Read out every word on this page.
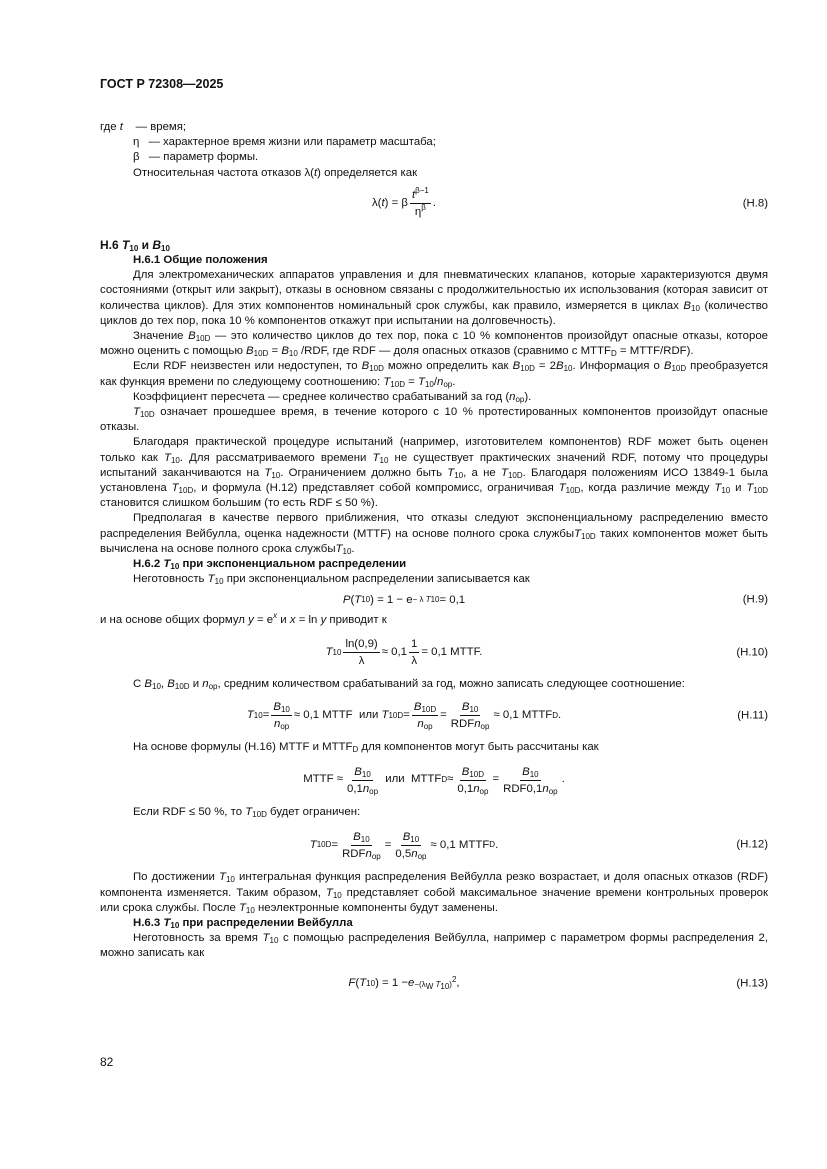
ГОСТ Р 72308—2025
где t — время;
η — характерное время жизни или параметр масштаба;
β — параметр формы.

Относительная частота отказов λ(t) определяется как

λ( t ) = β $\frac{t^{\beta-1}}{\eta^\beta}$ .	(H.8)
H.6 $T_{10}$ и $B_{10}$
H.6.1 Общие положения

Для электромеханических аппаратов управления и для пневматических клапанов, которые характеризуются двумя состояниями (открыт или закрыт), отказы в основном связаны с продолжительностью их использования (которая зависит от количества циклов). Для этих компонентов номинальный срок службы, как правило, измеряется в циклах $B_{10}$ (количество циклов до тех пор, пока 10 % компонентов откажут при испытании на долговечность).

Значение $B_{10D}$ — это количество циклов до тех пор, пока с 10 % компонентов произойдут опасные отказы, которое можно оценить с помощью $B_{10D} = B_{10}$ /RDF, где RDF — доля опасных отказов (сравнимо с $MTTF_D$ = MTTF/RDF).

Если RDF неизвестен или недоступен, то $B_{10D}$ можно определить как $B_{10D} = 2B_{10}$. Информация о $B_{10D}$ преобразуется как функция времени по следующему соотношению: $T_{10D} = T_{10}/n_{ор}$.

Коэффициент пересчета — среднее количество срабатываний за год $(n_{ор})$.

$T_{10D}$ означает прошедшее время, в течение которого с 10 % протестированных компонентов произойдут опасные отказы.

Благодаря практической процедуре испытаний (например, изготовителем компонентов) RDF может быть оценен только как $T_{10}$. Для рассматриваемого времени $T_{10}$ не существует практических значений RDF, потому что процедуры испытаний заканчиваются на $T_{10}$. Ограничением должно быть $T_{10}$, а не $T_{10D}$. Благодаря положениям ИСО 13849-1 была установлена $T_{10D}$, и формула (H.12) представляет собой компромисс, ограничивая $T_{10D}$, когда различие между $T_{10}$ и $T_{10D}$ становится слишком большим (то есть RDF ≤ 50 %).

Предполагая в качестве первого приближения, что отказы следуют экспоненциальному распределению вместо распределения Вейбулла, оценка надежности (MTTF) на основе полного срока службыT$_{10D}$ таких компонентов может быть вычислена на основе полного срока службыT$_{10}$.

H.6.2 $T_{10}$ при экспоненциальном распределении

Неготовность $T_{10}$ при экспоненциальном распределении записывается как

P ( T 10 ) = 1 − e − λ T 10 = 0,1	(H.9)

и на основе общих формул $y = e^x$ и x = ln y приводит к

T $10 \frac{\ln(0,9)}{\lambda} \approx 0,1 \frac{1}{\lambda} = 0,1$ MTTF.	(H.10)

С $B_{10}$, $B_{10D}$ и $n_{ор}$, средним количеством срабатываний за год, можно записать следующее соотношение:

T $10 = \frac{B_{10}}{n_{ор}} \approx 0,1$ MTTF  или T $10D = \frac{B_{10D}}{n_{ор}} = \frac{B_{10}}{RDFn_{ор}} \approx 0,1$ MTTF D .	(H.11)

На основе формулы (H.16) MTTF и $MTTF_D$ для компонентов могут быть рассчитаны как

MTTF ≈ $\frac{B_{10}}{0,1n_{ор}}$ или  MTTF $D \approx \frac{B_{10D}}{0,1n_{ор}} = \frac{B_{10}}{RDF0,1n_{ор}}$ .

Если RDF ≤ 50 %, то $T_{10D}$ будет ограничен:

T $10D = \frac{B_{10}}{RDFn_{ор}} = \frac{B_{10}}{0,5n_{ор}} \approx 0,1$ MTTF D .	(H.12)

По достижении $T_{10}$ интегральная функция распределения Вейбулла резко возрастает, и доля опасных отказов (RDF) компонента изменяется. Таким образом, $T_{10}$ представляет собой максимальное значение времени контрольных проверок или срока службы. После $T_{10}$ неэлектронные компоненты будут заменены.

H.6.3 $T_{10}$ при распределении Вейбулла

Неготовность за время $T_{10}$ с помощью распределения Вейбулла, например с параметром формы распределения 2, можно записать как

F ( T 10 ) = $1 - e -(\lambda_W$ $T_{10})^2$ ,	(H.13)
82
